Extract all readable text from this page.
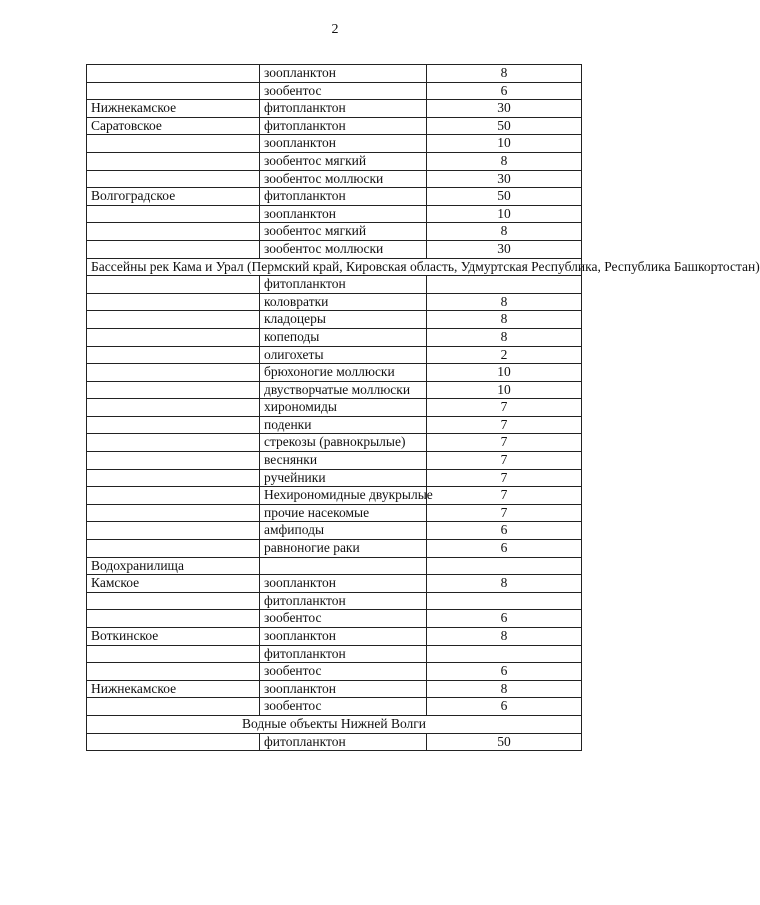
2
	зоопланктон	8
	зообентос	6
Нижнекамское	фитопланктон	30
Саратовское	фитопланктон	50
	зоопланктон	10
	зообентос мягкий	8
	зообентос моллюски	30
Волгоградское	фитопланктон	50
	зоопланктон	10
	зообентос мягкий	8
	зообентос моллюски	30
Бассейны рек Кама и Урал (Пермский край, Кировская область, Удмуртская Республика, Республика Башкортостан)		
	фитопланктон	
	коловратки	8
	кладоцеры	8
	копеподы	8
	олигохеты	2
	брюхоногие моллюски	10
	двустворчатые моллюски	10
	хирономиды	7
	поденки	7
	стрекозы (равнокрылые)	7
	веснянки	7
	ручейники	7
	Нехирономидные двукрылые	7
	прочие насекомые	7
	амфиподы	6
	равноногие раки	6
Водохранилища		
Камское	зоопланктон	8
	фитопланктон	
	зообентос	6
Воткинское	зоопланктон	8
	фитопланктон	
	зообентос	6
Нижнекамское	зоопланктон	8
	зообентос	6
Водные объекты Нижней Волги		
	фитопланктон	50
